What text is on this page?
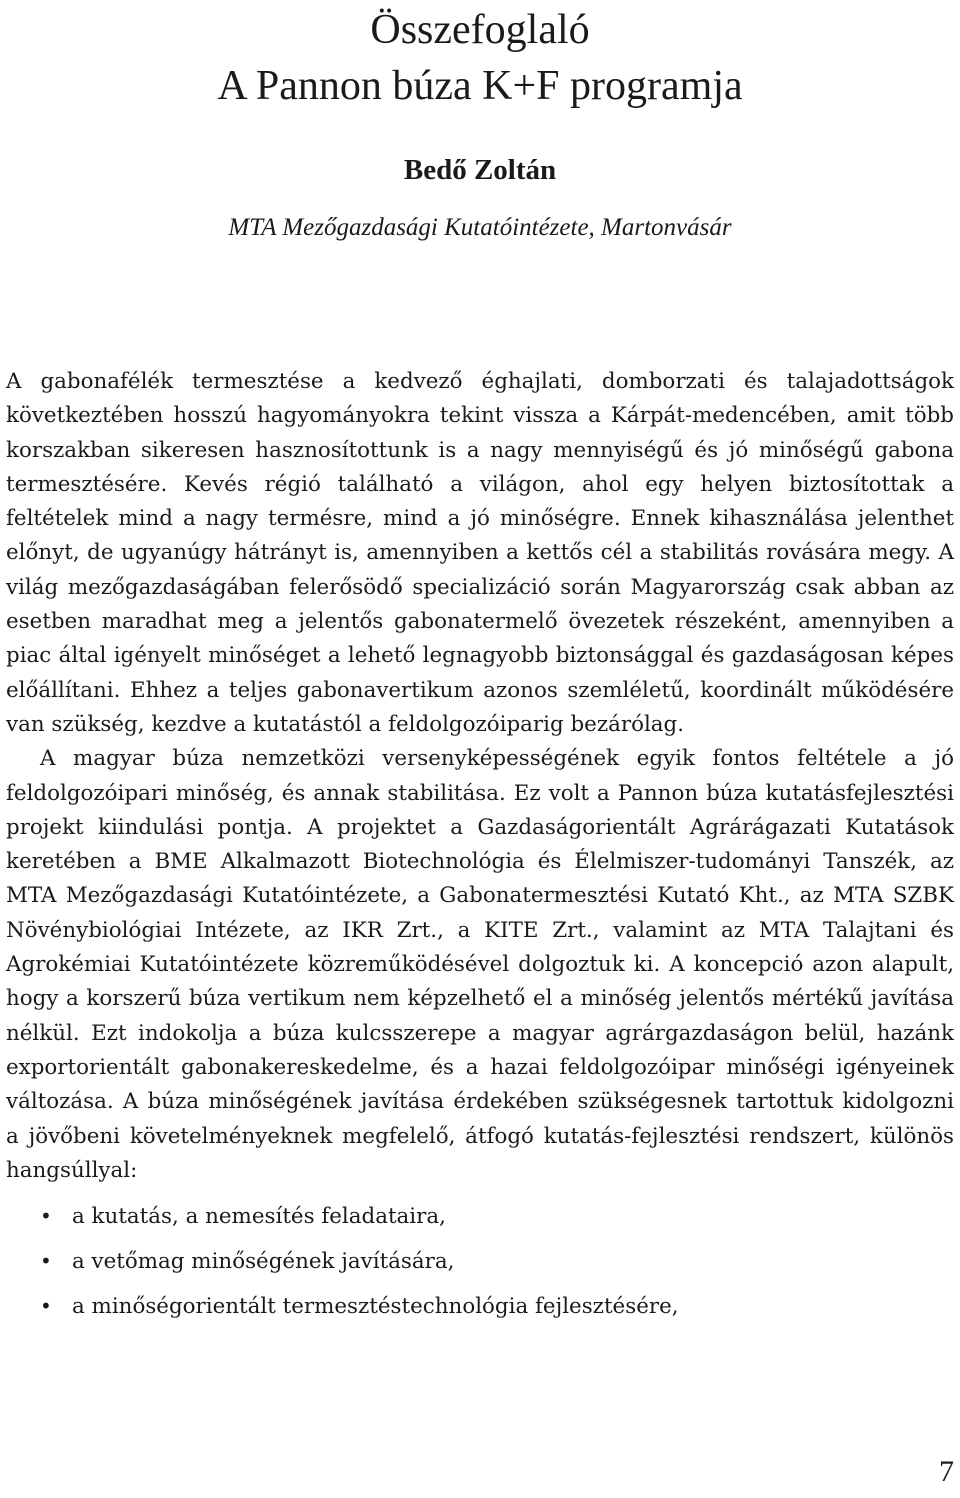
Összefoglaló
A Pannon búza K+F programja
Bedő Zoltán
MTA Mezőgazdasági Kutatóintézete, Martonvásár

A gabonafélék termesztése a kedvező éghajlati, domborzati és talajadottságok következtében hosszú hagyományokra tekint vissza a Kárpát-medencében, amit több korszakban sikeresen hasznosítottunk is a nagy mennyiségű és jó minőségű gabona termesztésére. Kevés régió található a világon, ahol egy helyen biztosítottak a feltételek mind a nagy termésre, mind a jó minőségre. Ennek kihasználása jelenthet előnyt, de ugyanúgy hátrányt is, amennyiben a kettős cél a stabilitás rovására megy. A világ mezőgazdaságában felerősödő specializáció során Magyarország csak abban az esetben maradhat meg a jelentős gabonatermelő övezetek részeként, amennyiben a piac által igényelt minőséget a lehető legnagyobb biztonsággal és gazdaságosan képes előállítani. Ehhez a teljes gabonavertikum azonos szemléletű, koordinált működésére van szükség, kezdve a kutatástól a feldolgozóiparig bezárólag.

A magyar búza nemzetközi versenyképességének egyik fontos feltétele a jó feldolgozóipari minőség, és annak stabilitása. Ez volt a Pannon búza kutatásfejlesztési projekt kiindulási pontja. A projektet a Gazdaságorientált Agrárágazati Kutatások keretében a BME Alkalmazott Biotechnológia és Élelmiszer-tudományi Tanszék, az MTA Mezőgazdasági Kutatóintézete, a Gabonatermesztési Kutató Kht., az MTA SZBK Növénybiológiai Intézete, az IKR Zrt., a KITE Zrt., valamint az MTA Talajtani és Agrokémiai Kutatóintézete közreműködésével dolgoztuk ki. A koncepció azon alapult, hogy a korszerű búza vertikum nem képzelhető el a minőség jelentős mértékű javítása nélkül. Ezt indokolja a búza kulcsszerepe a magyar agrárgazdaságon belül, hazánk exportorientált gabonakereskedelme, és a hazai feldolgozóipar minőségi igényeinek változása. A búza minőségének javítása érdekében szükségesnek tartottuk kidolgozni a jövőbeni követelményeknek megfelelő, átfogó kutatás-fejlesztési rendszert, különös hangsúllyal:

• a kutatás, a nemesítés feladataira,
• a vetőmag minőségének javítására,
• a minőségorientált termesztéstechnológia fejlesztésére,
7
